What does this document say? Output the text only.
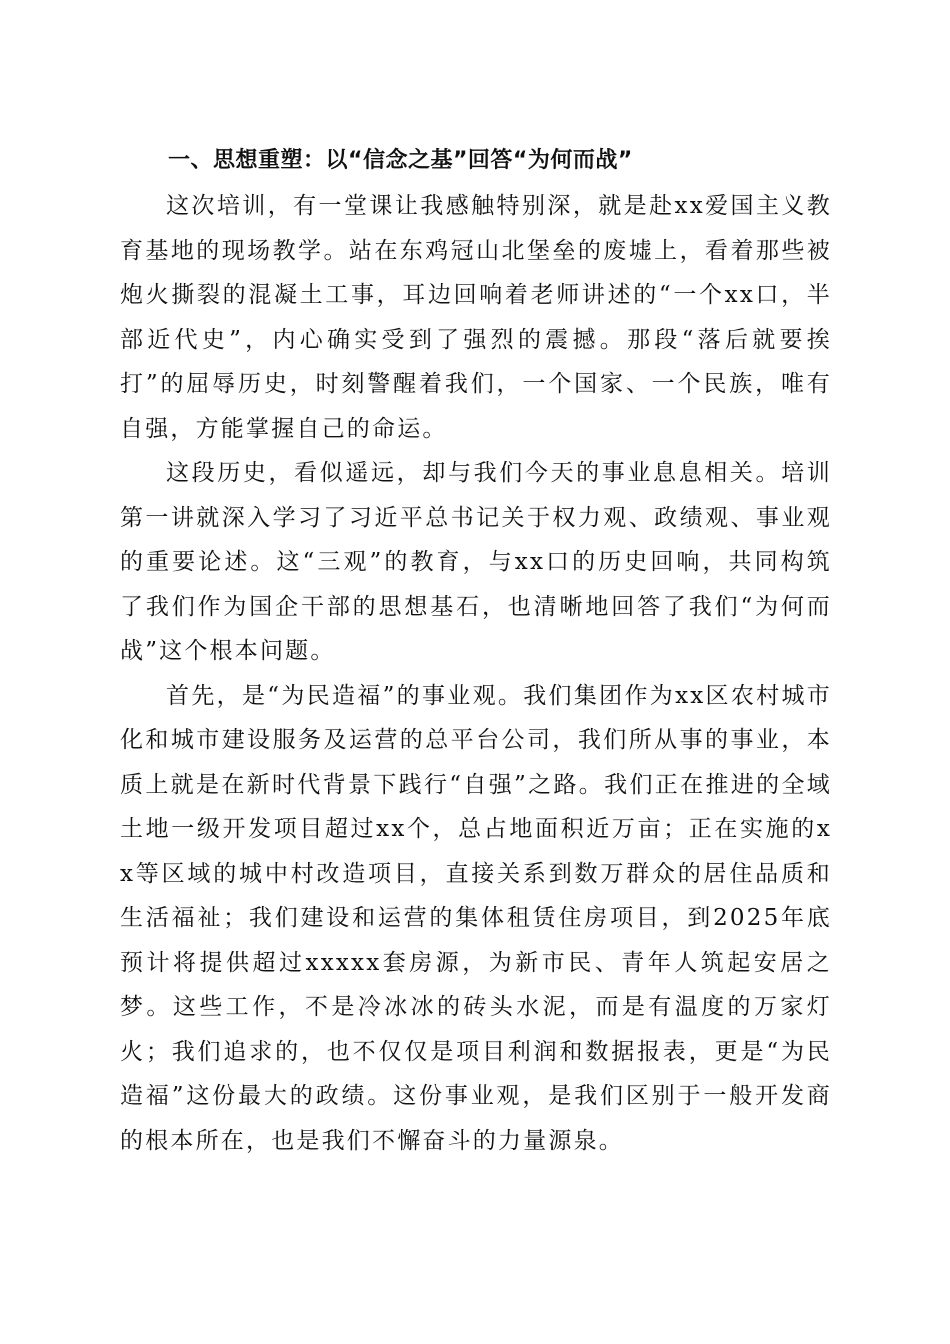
一、思想重塑：以“信念之基”回答“为何而战”

这次培训，有一堂课让我感触特别深，就是赴xx爱国主义教育基地的现场教学。站在东鸡冠山北堡垒的废墟上，看着那些被炮火撕裂的混凝土工事，耳边回响着老师讲述的“一个xx口，半部近代史”，内心确实受到了强烈的震撼。那段“落后就要挨打”的屈辱历史，时刻警醒着我们，一个国家、一个民族，唯有自强，方能掌握自己的命运。

这段历史，看似遥远，却与我们今天的事业息息相关。培训第一讲就深入学习了习近平总书记关于权力观、政绩观、事业观的重要论述。这“三观”的教育，与xx口的历史回响，共同构筑了我们作为国企干部的思想基石，也清晰地回答了我们“为何而战”这个根本问题。

首先，是“为民造福”的事业观。我们集团作为xx区农村城市化和城市建设服务及运营的总平台公司，我们所从事的事业，本质上就是在新时代背景下践行“自强”之路。我们正在推进的全域土地一级开发项目超过xx个，总占地面积近万亩；正在实施的xx等区域的城中村改造项目，直接关系到数万群众的居住品质和生活福祉；我们建设和运营的集体租赁住房项目，到2025年底预计将提供超过xxxxx套房源，为新市民、青年人筑起安居之梦。这些工作，不是冷冰冰的砖头水泥，而是有温度的万家灯火；我们追求的，也不仅仅是项目利润和数据报表，更是“为民造福”这份最大的政绩。这份事业观，是我们区别于一般开发商的根本所在，也是我们不懈奋斗的力量源泉。
